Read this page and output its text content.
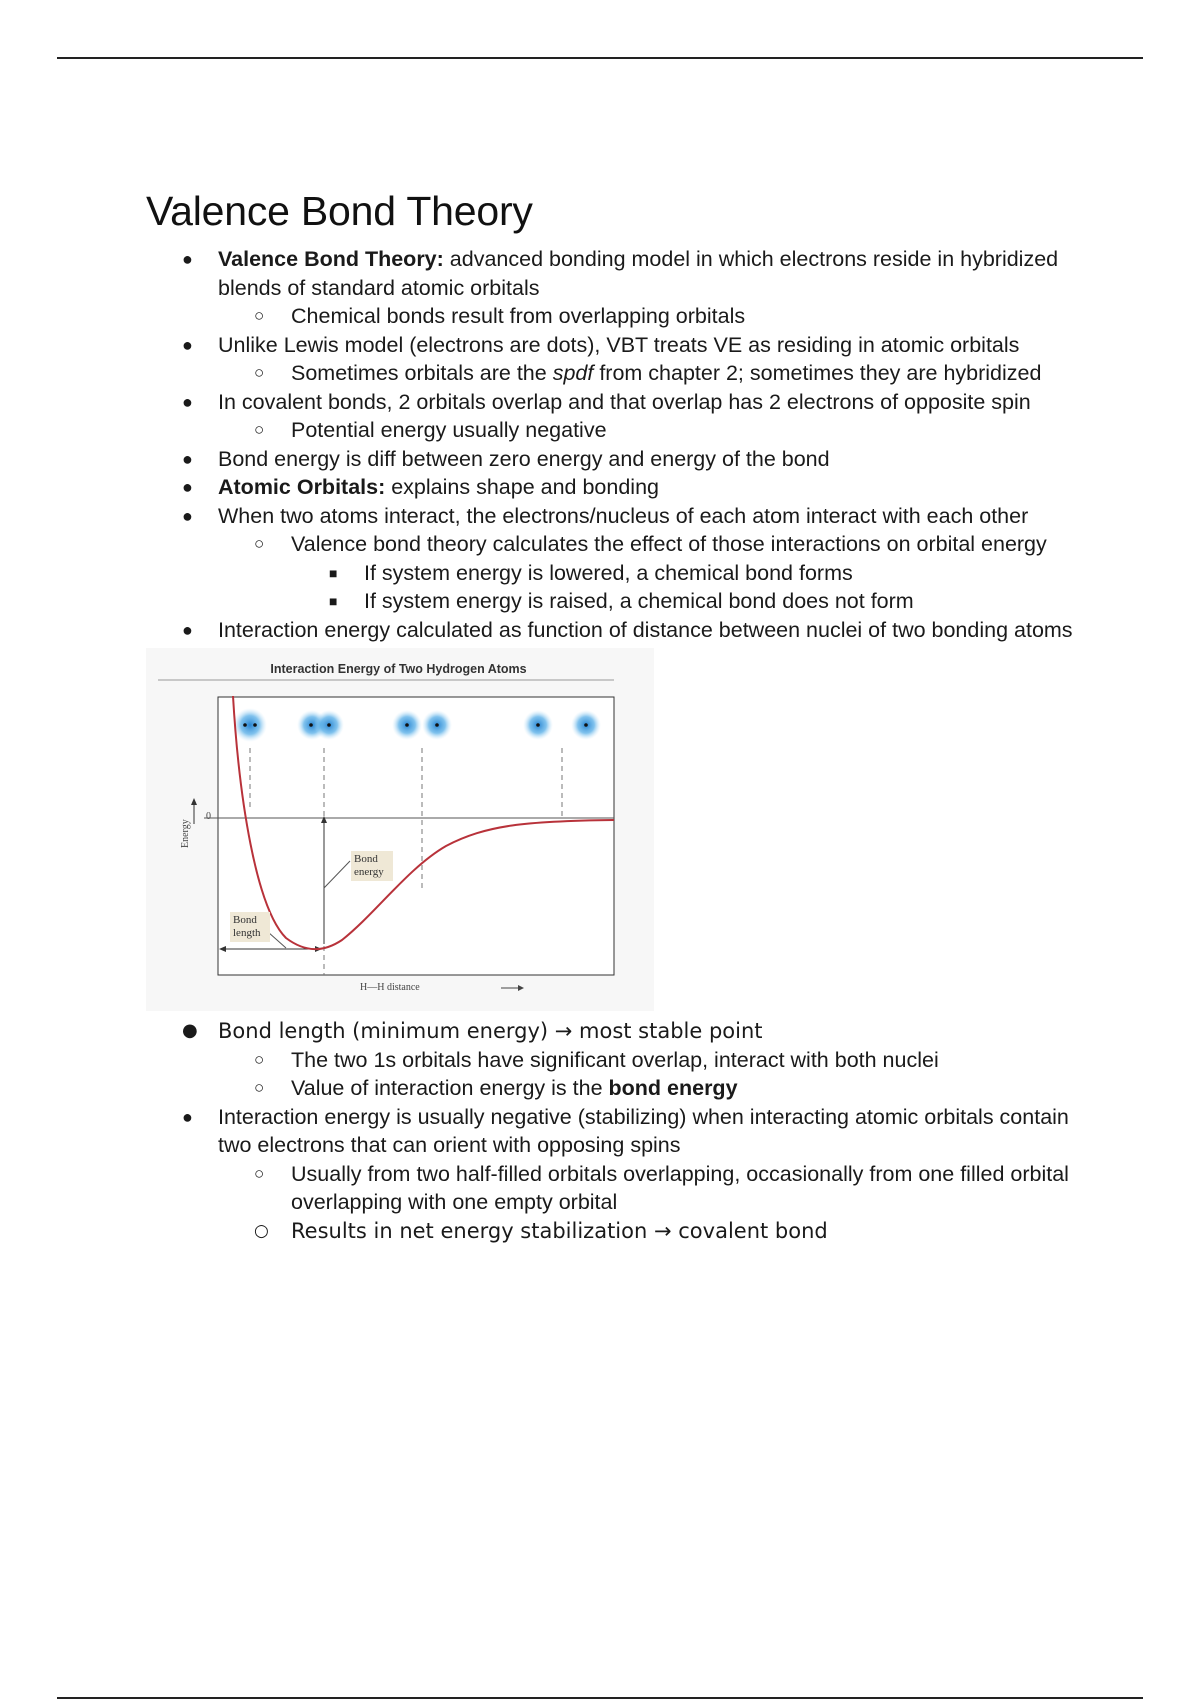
Valence Bond Theory
● Valence Bond Theory: advanced bonding model in which electrons reside in hybridized blends of standard atomic orbitals
○ Chemical bonds result from overlapping orbitals
● Unlike Lewis model (electrons are dots), VBT treats VE as residing in atomic orbitals
○ Sometimes orbitals are the spdf from chapter 2; sometimes they are hybridized
● In covalent bonds, 2 orbitals overlap and that overlap has 2 electrons of opposite spin
○ Potential energy usually negative
● Bond energy is diff between zero energy and energy of the bond
● Atomic Orbitals: explains shape and bonding
● When two atoms interact, the electrons/nucleus of each atom interact with each other
○ Valence bond theory calculates the effect of those interactions on orbital energy
■ If system energy is lowered, a chemical bond forms
■ If system energy is raised, a chemical bond does not form
● Interaction energy calculated as function of distance between nuclei of two bonding atoms
Interaction Energy of Two Hydrogen Atoms
Energy
0
H—H distance
Bond energy
Bond length
● Bond length (minimum energy) → most stable point
○ The two 1s orbitals have significant overlap, interact with both nuclei
○ Value of interaction energy is the bond energy
● Interaction energy is usually negative (stabilizing) when interacting atomic orbitals contain two electrons that can orient with opposing spins
○ Usually from two half-filled orbitals overlapping, occasionally from one filled orbital overlapping with one empty orbital
○ Results in net energy stabilization → covalent bond
